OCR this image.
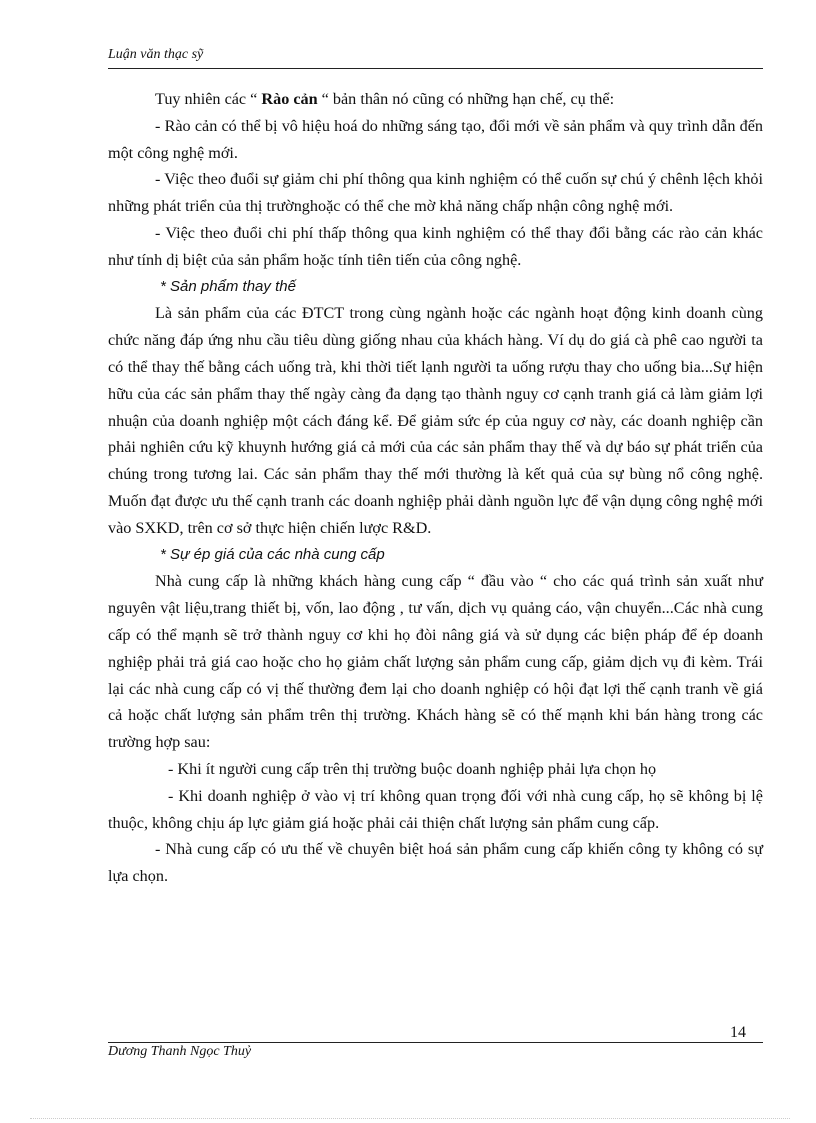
Luận văn thạc sỹ

Tuy nhiên các “ Rào cản “ bản thân nó cũng có những hạn chế, cụ thể:

- Rào cản có thể bị vô hiệu hoá do những sáng tạo, đổi mới về sản phẩm và quy trình dẫn đến một công nghệ mới.

- Việc theo đuổi sự giảm chi phí thông qua kinh nghiệm có thể cuốn sự chú ý chênh lệch khỏi những phát triển của thị trườnghoặc có thể che mờ khả năng chấp nhận công nghệ mới.

- Việc theo đuổi chi phí thấp thông qua kinh nghiệm có thể thay đổi bằng các rào cản khác như tính dị biệt của sản phẩm hoặc tính tiên tiến của công nghệ.

* Sản phẩm thay thế

Là sản phẩm của các ĐTCT trong cùng ngành hoặc các ngành hoạt động kinh doanh cùng chức năng đáp ứng nhu cầu tiêu dùng giống nhau của khách hàng. Ví dụ do giá cà phê cao người ta có thể thay thế bằng cách uống trà, khi thời tiết lạnh người ta uống rượu thay cho uống bia...Sự hiện hữu của các sản phẩm thay thế ngày càng đa dạng tạo thành nguy cơ cạnh tranh giá cả làm giảm lợi nhuận của doanh nghiệp một cách đáng kể. Để giảm sức ép của nguy cơ này, các doanh nghiệp cần phải nghiên cứu kỹ khuynh hướng giá cả mới của các sản phẩm thay thế và dự báo sự phát triển của chúng trong tương lai. Các sản phẩm thay thế mới thường là kết quả của sự bùng nổ công nghệ. Muốn đạt được ưu thế cạnh tranh các doanh nghiệp phải dành nguồn lực để vận dụng công nghệ mới vào SXKD, trên cơ sở thực hiện chiến lược R&D.

* Sự ép giá của các nhà cung cấp

Nhà cung cấp là những khách hàng cung cấp “ đầu vào “ cho các quá trình sản xuất như nguyên vật liệu,trang thiết bị, vốn, lao động , tư vấn, dịch vụ quảng cáo, vận chuyển...Các nhà cung cấp có thể mạnh sẽ trở thành nguy cơ khi họ đòi nâng giá và sử dụng các biện pháp để ép doanh nghiệp phải trả giá cao hoặc cho họ giảm chất lượng sản phẩm cung cấp, giảm dịch vụ đi kèm. Trái lại các nhà cung cấp có vị thế thường đem lại cho doanh nghiệp có hội đạt lợi thế cạnh tranh về giá cả hoặc chất lượng sản phẩm trên thị trường. Khách hàng sẽ có thế mạnh khi bán hàng trong các trường hợp sau:

- Khi ít người cung cấp trên thị trường buộc doanh nghiệp phải lựa chọn họ

- Khi doanh nghiệp ở vào vị trí không quan trọng đối với nhà cung cấp, họ sẽ không bị lệ thuộc, không chịu áp lực giảm giá hoặc phải cải thiện chất lượng sản phẩm cung cấp.

- Nhà cung cấp có ưu thế về chuyên biệt hoá sản phẩm cung cấp khiến công ty không có sự lựa chọn.

14
Dương Thanh Ngọc Thuỷ
